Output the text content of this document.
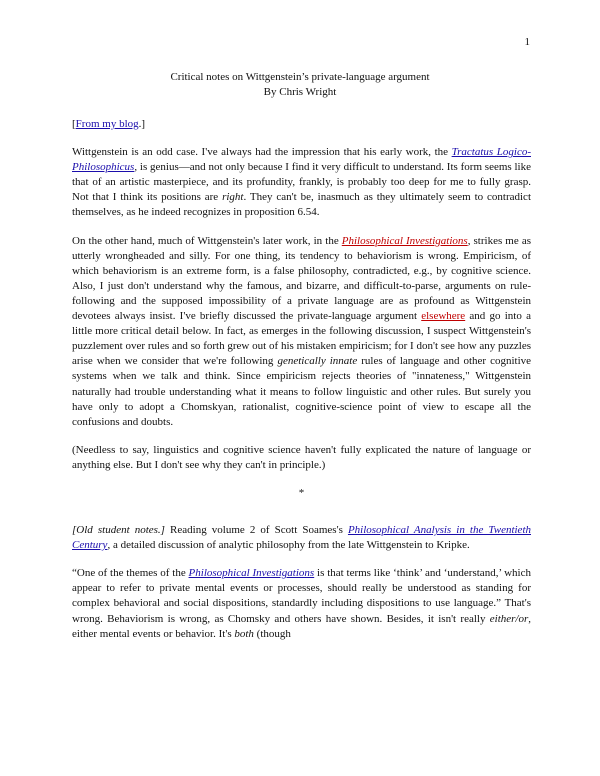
1
Critical notes on Wittgenstein’s private-language argument
By Chris Wright

[From my blog.]

Wittgenstein is an odd case. I've always had the impression that his early work, the Tractatus Logico-Philosophicus, is genius—and not only because I find it very difficult to understand. Its form seems like that of an artistic masterpiece, and its profundity, frankly, is probably too deep for me to fully grasp. Not that I think its positions are right. They can't be, inasmuch as they ultimately seem to contradict themselves, as he indeed recognizes in proposition 6.54.

On the other hand, much of Wittgenstein's later work, in the Philosophical Investigations, strikes me as utterly wrongheaded and silly. For one thing, its tendency to behaviorism is wrong. Empiricism, of which behaviorism is an extreme form, is a false philosophy, contradicted, e.g., by cognitive science. Also, I just don't understand why the famous, and bizarre, and difficult-to-parse, arguments on rule-following and the supposed impossibility of a private language are as profound as Wittgenstein devotees always insist. I've briefly discussed the private-language argument elsewhere and go into a little more critical detail below. In fact, as emerges in the following discussion, I suspect Wittgenstein's puzzlement over rules and so forth grew out of his mistaken empiricism; for I don't see how any puzzles arise when we consider that we're following genetically innate rules of language and other cognitive systems when we talk and think. Since empiricism rejects theories of "innateness," Wittgenstein naturally had trouble understanding what it means to follow linguistic and other rules. But surely you have only to adopt a Chomskyan, rationalist, cognitive-science point of view to escape all the confusions and doubts.

(Needless to say, linguistics and cognitive science haven't fully explicated the nature of language or anything else. But I don't see why they can't in principle.)

*

[Old student notes.] Reading volume 2 of Scott Soames's Philosophical Analysis in the Twentieth Century, a detailed discussion of analytic philosophy from the late Wittgenstein to Kripke.

“One of the themes of the Philosophical Investigations is that terms like ‘think’ and ‘understand,’ which appear to refer to private mental events or processes, should really be understood as standing for complex behavioral and social dispositions, standardly including dispositions to use language.” That's wrong. Behaviorism is wrong, as Chomsky and others have shown. Besides, it isn't really either/or, either mental events or behavior. It's both (though
